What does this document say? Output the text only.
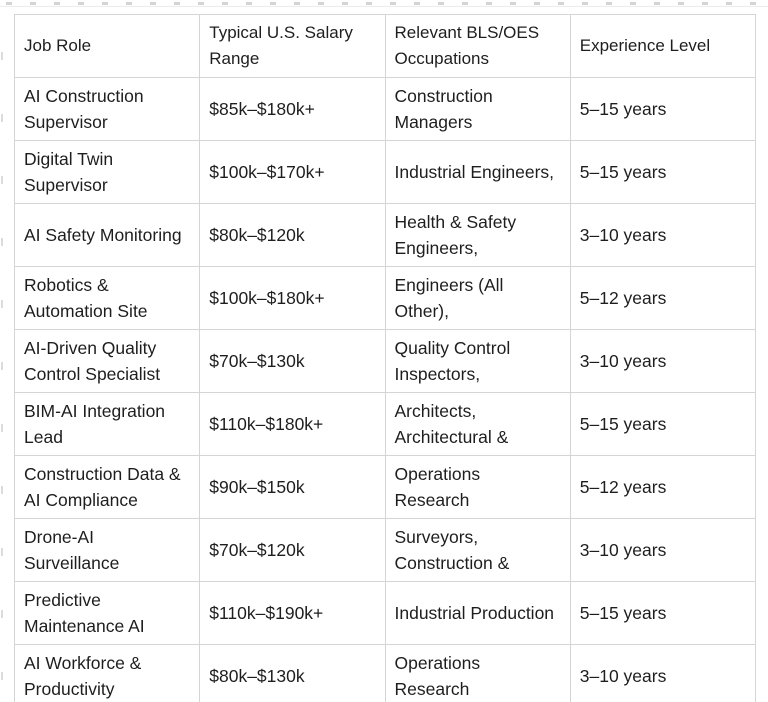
Job Role	Typical U.S. Salary Range	Relevant BLS/OES Occupations	Experience Level
AI Construction Supervisor	$85k–$180k+	Construction Managers	5–15 years
Digital Twin Supervisor	$100k–$170k+	Industrial Engineers,	5–15 years
AI Safety Monitoring	$80k–$120k	Health & Safety Engineers,	3–10 years
Robotics & Automation Site	$100k–$180k+	Engineers (All Other),	5–12 years
AI-Driven Quality Control Specialist	$70k–$130k	Quality Control Inspectors,	3–10 years
BIM-AI Integration Lead	$110k–$180k+	Architects, Architectural &	5–15 years
Construction Data & AI Compliance	$90k–$150k	Operations Research	5–12 years
Drone-AI Surveillance	$70k–$120k	Surveyors, Construction &	3–10 years
Predictive Maintenance AI	$110k–$190k+	Industrial Production	5–15 years
AI Workforce & Productivity	$80k–$130k	Operations Research	3–10 years
